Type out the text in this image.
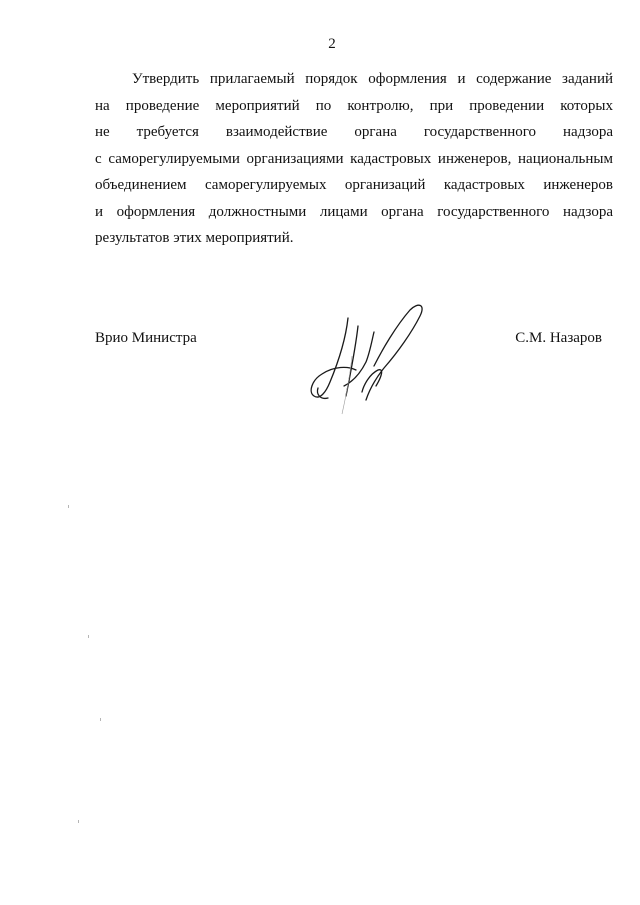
2
Утвердить прилагаемый порядок оформления и содержание заданий
на проведение мероприятий по контролю, при проведении которых
не требуется взаимодействие органа государственного надзора
с саморегулируемыми организациями кадастровых инженеров, национальным
объединением саморегулируемых организаций кадастровых инженеров
и оформления должностными лицами органа государственного надзора
результатов этих мероприятий.
Врио Министра	С.М. Назаров
